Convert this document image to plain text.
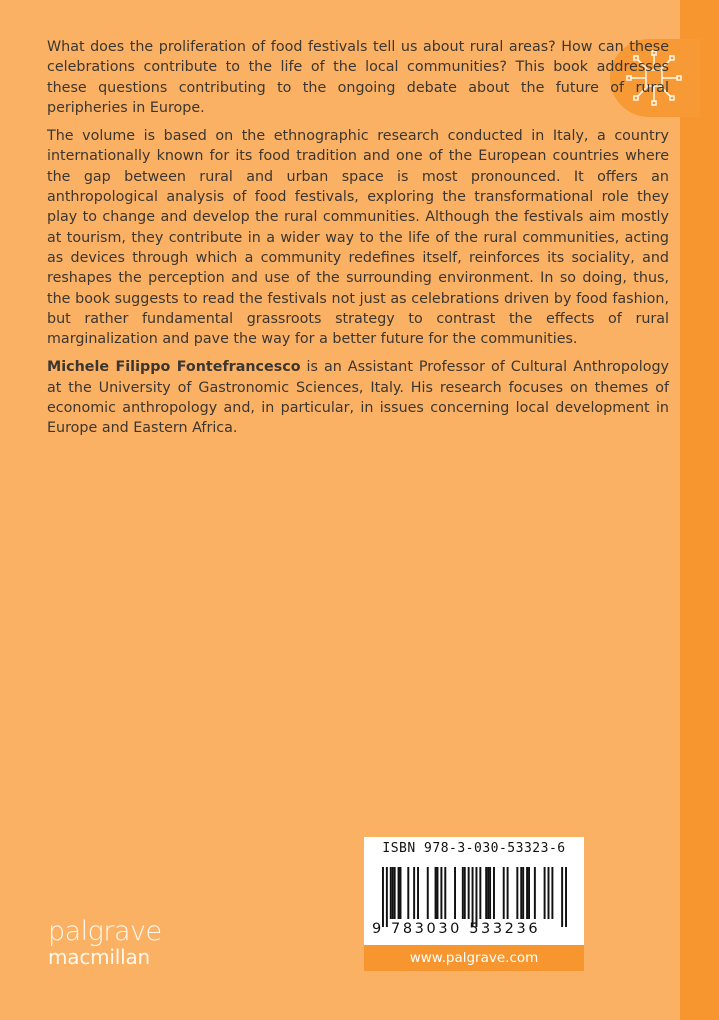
What does the proliferation of food festivals tell us about rural areas? How can these celebrations contribute to the life of the local communities? This book addresses these questions contributing to the ongoing debate about the future of rural peripheries in Europe.

The volume is based on the ethnographic research conducted in Italy, a country internationally known for its food tradition and one of the European countries where the gap between rural and urban space is most pronounced. It offers an anthropological analysis of food festivals, exploring the transformational role they play to change and develop the rural communities. Although the festivals aim mostly at tourism, they contribute in a wider way to the life of the rural communities, acting as devices through which a community redefines itself, reinforces its sociality, and reshapes the perception and use of the surrounding environment. In so doing, thus, the book suggests to read the festivals not just as celebrations driven by food fashion, but rather fundamental grassroots strategy to contrast the effects of rural marginalization and pave the way for a better future for the communities.

Michele Filippo Fontefrancesco is an Assistant Professor of Cultural Anthropology at the University of Gastronomic Sciences, Italy. His research focuses on themes of economic anthropology and, in particular, in issues concerning local development in Europe and Eastern Africa.

ISBN 978-3-030-53323-6
9 783030 533236
www.palgrave.com
palgrave
macmillan
